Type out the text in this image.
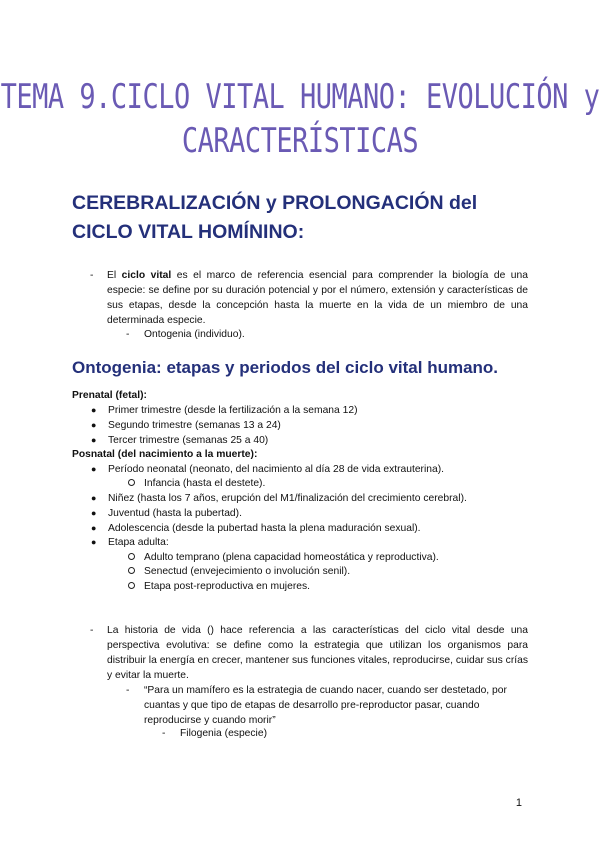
TEMA 9.CICLO VITAL HUMANO: EVOLUCIÓN y
CARACTERÍSTICAS
CEREBRALIZACIÓN y PROLONGACIÓN del CICLO VITAL HOMÍNINO:
- El ciclo vital es el marco de referencia esencial para comprender la biología de una especie: se define por su duración potencial y por el número, extensión y características de sus etapas, desde la concepción hasta la muerte en la vida de un miembro de una determinada especie.
- Ontogenia (individuo).
Ontogenia: etapas y periodos del ciclo vital humano.
Prenatal (fetal):
● Primer trimestre (desde la fertilización a la semana 12)
● Segundo trimestre (semanas 13 a 24)
● Tercer trimestre (semanas 25 a 40)
Posnatal (del nacimiento a la muerte):
● Período neonatal (neonato, del nacimiento al día 28 de vida extrauterina).
Infancia (hasta el destete).
● Niñez (hasta los 7 años, erupción del M1/finalización del crecimiento cerebral).
● Juventud (hasta la pubertad).
● Adolescencia (desde la pubertad hasta la plena maduración sexual).
● Etapa adulta:
Adulto temprano (plena capacidad homeostática y reproductiva).
Senectud (envejecimiento o involución senil).
Etapa post-reproductiva en mujeres.
- La historia de vida () hace referencia a las características del ciclo vital desde una perspectiva evolutiva: se define como la estrategia que utilizan los organismos para distribuir la energía en crecer, mantener sus funciones vitales, reproducirse, cuidar sus crías y evitar la muerte.
- “Para un mamífero es la estrategia de cuando nacer, cuando ser destetado, por cuantas y que tipo de etapas de desarrollo pre-reproductor pasar, cuando reproducirse y cuando morir”
- Filogenia (especie)
1
